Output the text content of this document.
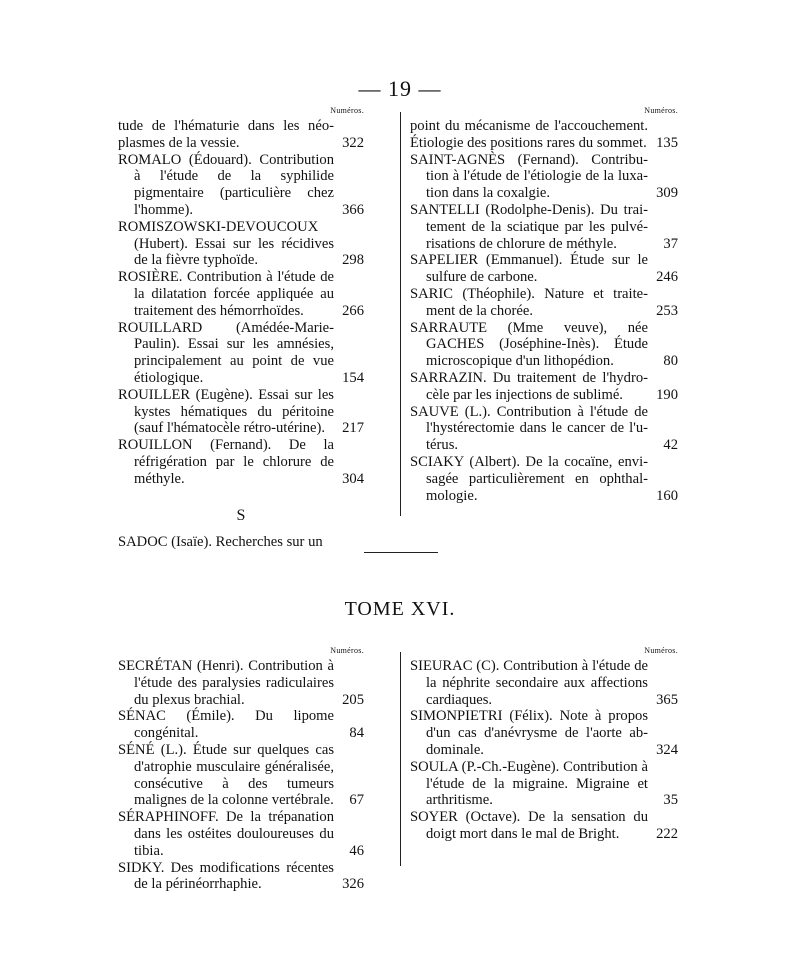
— 19 —
Numéros.
tude de l'hématurie dans les néoplasmes de la vessie.	322
ROMALO (Édouard). Contribution à l'étude de la syphilide pigmentaire (particulière chez l'homme).	366
ROMISZOWSKI-DEVOUCOUX (Hubert). Essai sur les récidives de la fièvre typhoïde.	298
ROSIÈRE. Contribution à l'étude de la dilatation forcée appliquée au traitement des hémorrhoïdes.	266
ROUILLARD (Amédée-Marie-Paulin). Essai sur les amnésies, principalement au point de vue étiologique.	154
ROUILLER (Eugène). Essai sur les kystes hématiques du péritoine (sauf l'hématocèle rétro-utérine). 217
ROUILLON (Fernand). De la réfrigération par le chlorure de méthyle.	304
S
SADOC (Isaïe). Recherches sur un
Numéros.
point du mécanisme de l'accouchement. Étiologie des positions rares du sommet. 135
SAINT-AGNÈS (Fernand). Contribution à l'étude de l'étiologie de la luxation dans la coxalgie.	309
SANTELLI (Rodolphe-Denis). Du traitement de la sciatique par les pulvérisations de chlorure de méthyle.	37
SAPELIER (Emmanuel). Étude sur le sulfure de carbone.	246
SARIC (Théophile). Nature et traitement de la chorée.	253
SARRAUTE (Mme veuve), née GACHES (Joséphine-Inès). Étude microscopique d'un lithopédion.	80
SARRAZIN. Du traitement de l'hydrocèle par les injections de sublimé. 190
SAUVE (L.). Contribution à l'étude de l'hystérectomie dans le cancer de l'utérus.	42
SCIAKY (Albert). De la cocaïne, envisagée particulièrement en ophthalmologie.	160
TOME XVI.
Numéros.
SECRÉTAN (Henri). Contribution à l'étude des paralysies radiculaires du plexus brachial.	205
SÉNAC (Émile). Du lipome congénital.	84
SÉNÉ (L.). Étude sur quelques cas d'atrophie musculaire généralisée, consécutive à des tumeurs malignes de la colonne vertébrale. 67
SÉRAPHINOFF. De la trépanation dans les ostéites douloureuses du tibia.	46
SIDKY. Des modifications récentes de la périnéorrhaphie.	326
Numéros.
SIEURAC (C). Contribution à l'étude de la néphrite secondaire aux affections cardiaques.	365
SIMONPIETRI (Félix). Note à propos d'un cas d'anévrysme de l'aorte abdominale.	324
SOULA (P.-Ch.-Eugène). Contribution à l'étude de la migraine. Migraine et arthritisme.	35
SOYER (Octave). De la sensation du doigt mort dans le mal de Bright.	222
